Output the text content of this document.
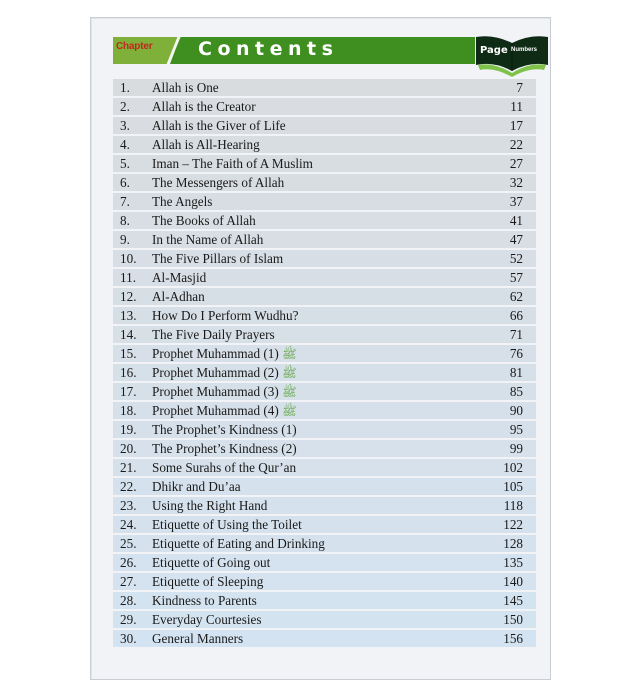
Chapter Contents	Page Numbers
1. Allah is One	7
2. Allah is the Creator	11
3. Allah is the Giver of Life	17
4. Allah is All-Hearing	22
5. Iman – The Faith of A Muslim	27
6. The Messengers of Allah	32
7. The Angels	37
8. The Books of Allah	41
9. In the Name of Allah	47
10. The Five Pillars of Islam	52
11. Al-Masjid	57
12. Al-Adhan	62
13. How Do I Perform Wudhu?	66
14. The Five Daily Prayers	71
15. Prophet Muhammad ﷺ (1)	76
16. Prophet Muhammad ﷺ (2)	81
17. Prophet Muhammad ﷺ (3)	85
18. Prophet Muhammad ﷺ (4)	90
19. The Prophet’s Kindness (1)	95
20. The Prophet’s Kindness (2)	99
21. Some Surahs of the Qur’an	102
22. Dhikr and Du’aa	105
23. Using the Right Hand	118
24. Etiquette of Using the Toilet	122
25. Etiquette of Eating and Drinking	128
26. Etiquette of Going out	135
27. Etiquette of Sleeping	140
28. Kindness to Parents	145
29. Everyday Courtesies	150
30. General Manners	156
